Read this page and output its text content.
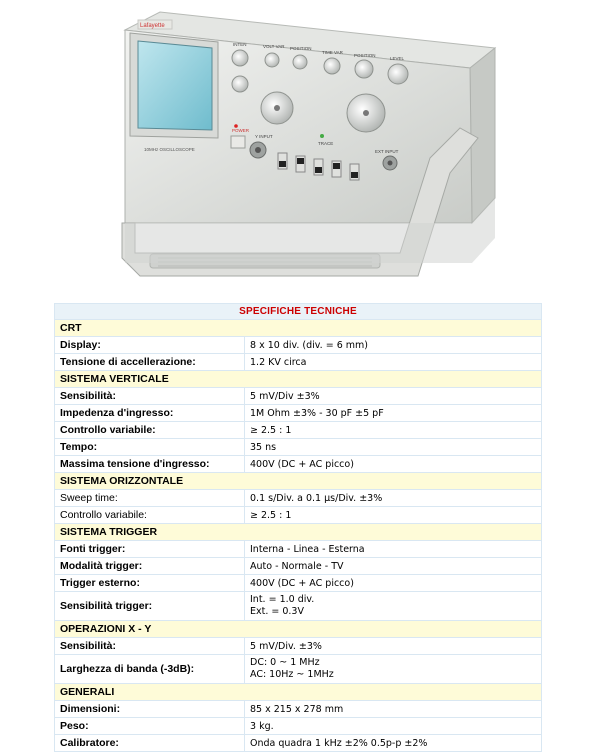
Lafayette
10MHz OSCILLOSCOPE
INTEN	VOLT VAR POSITION
TIME VAR
POSITION
LEVEL
POWER
Y INPUT
EXT INPUT
TRACE
SPECIFICHE TECNICHE	
CRT	
Display:	8 x 10 div. (div. = 6 mm)

Tensione di accellerazione:	1.2 KV circa

SISTEMA VERTICALE	
Sensibilità:	5 mV/Div ±3%

Impedenza d'ingresso:	1M Ohm ±3% - 30 pF ±5 pF

Controllo variabile:	≥ 2.5 : 1

Tempo:	35 ns

Massima tensione d'ingresso:	400V (DC + AC picco)

SISTEMA ORIZZONTALE	
Sweep time:	0.1 s/Div. a 0.1 µs/Div. ±3%

Controllo variabile:	≥ 2.5 : 1

SISTEMA TRIGGER	
Fonti trigger:	Interna - Linea - Esterna

Modalità trigger:	Auto - Normale - TV

Trigger esterno:	400V (DC + AC picco)

Sensibilità trigger:	Int. = 1.0 div.
Ext. = 0.3V

OPERAZIONI X - Y	
Sensibilità:	5 mV/Div. ±3%

Larghezza di banda (-3dB):	DC: 0 ~ 1 MHz
AC: 10Hz ~ 1MHz

GENERALI	
Dimensioni:	85 x 215 x 278 mm

Peso:	3 kg.

Calibratore:	Onda quadra 1 kHz ±2% 0.5p-p ±2%
